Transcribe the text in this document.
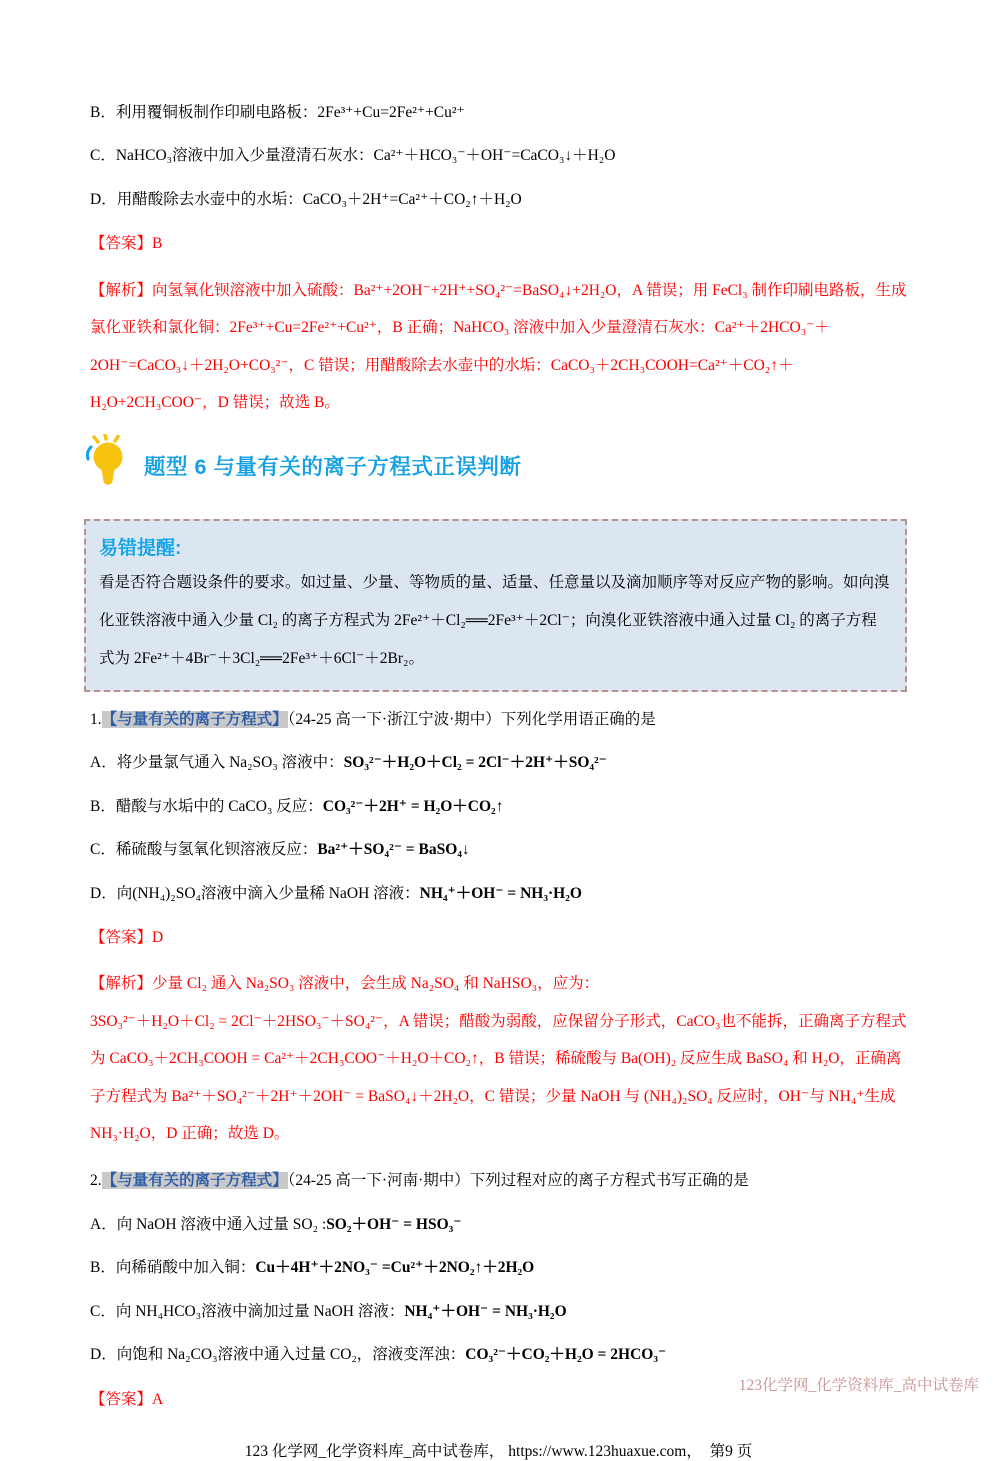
B．利用覆铜板制作印刷电路板：2Fe³⁺+Cu=2Fe²⁺+Cu²⁺

C．NaHCO₃溶液中加入少量澄清石灰水：Ca²⁺＋HCO₃⁻＋OH⁻=CaCO₃↓＋H₂O

D．用醋酸除去水壶中的水垢：CaCO₃＋2H⁺=Ca²⁺＋CO₂↑＋H₂O

【答案】B

【解析】向氢氧化钡溶液中加入硫酸：Ba²⁺+2OH⁻+2H⁺+SO₄²⁻=BaSO₄↓+2H₂O，A 错误；用 FeCl₃ 制作印刷电路板，生成氯化亚铁和氯化铜：2Fe³⁺+Cu=2Fe²⁺+Cu²⁺，B 正确；NaHCO₃ 溶液中加入少量澄清石灰水：Ca²⁺＋2HCO₃⁻＋2OH⁻=CaCO₃↓＋2H₂O+CO₃²⁻，C 错误；用醋酸除去水壶中的水垢：CaCO₃＋2CH₃COOH=Ca²⁺＋CO₂↑＋H₂O+2CH₃COO⁻，D 错误；故选 B。

题型 6 与量有关的离子方程式正误判断

易错提醒:

看是否符合题设条件的要求。如过量、少量、等物质的量、适量、任意量以及滴加顺序等对反应产物的影响。如向溴化亚铁溶液中通入少量 Cl₂ 的离子方程式为 2Fe²⁺＋Cl₂══2Fe³⁺＋2Cl⁻；向溴化亚铁溶液中通入过量 Cl₂ 的离子方程式为 2Fe²⁺＋4Br⁻＋3Cl₂══2Fe³⁺＋6Cl⁻＋2Br₂。

1.【与量有关的离子方程式】（24-25 高一下·浙江宁波·期中）下列化学用语正确的是

A．将少量氯气通入 Na₂SO₃ 溶液中：SO₃²⁻＋H₂O＋Cl₂ = 2Cl⁻＋2H⁺＋SO₄²⁻

B．醋酸与水垢中的 CaCO₃ 反应：CO₃²⁻＋2H⁺ = H₂O＋CO₂↑

C．稀硫酸与氢氧化钡溶液反应：Ba²⁺＋SO₄²⁻ = BaSO₄↓

D．向(NH₄)₂SO₄溶液中滴入少量稀 NaOH 溶液：NH₄⁺＋OH⁻ = NH₃·H₂O

【答案】D

【解析】少量 Cl₂ 通入 Na₂SO₃ 溶液中，会生成 Na₂SO₄ 和 NaHSO₃，应为：

3SO₃²⁻＋H₂O＋Cl₂ = 2Cl⁻＋2HSO₃⁻＋SO₄²⁻，A 错误；醋酸为弱酸，应保留分子形式，CaCO₃也不能拆，正确离子方程式为 CaCO₃＋2CH₃COOH = Ca²⁺＋2CH₃COO⁻＋H₂O＋CO₂↑，B 错误；稀硫酸与 Ba(OH)₂ 反应生成 BaSO₄ 和 H₂O，正确离子方程式为 Ba²⁺＋SO₄²⁻＋2H⁺＋2OH⁻ = BaSO₄↓＋2H₂O，C 错误；少量 NaOH 与 (NH₄)₂SO₄ 反应时，OH⁻与 NH₄⁺生成 NH₃·H₂O，D 正确；故选 D。

2.【与量有关的离子方程式】（24-25 高一下·河南·期中）下列过程对应的离子方程式书写正确的是

A．向 NaOH 溶液中通入过量 SO₂ :SO₂＋OH⁻ = HSO₃⁻

B．向稀硝酸中加入铜：Cu＋4H⁺＋2NO₃⁻ =Cu²⁺＋2NO₂↑＋2H₂O

C．向 NH₄HCO₃溶液中滴加过量 NaOH 溶液：NH₄⁺＋OH⁻ = NH₃·H₂O

D．向饱和 Na₂CO₃溶液中通入过量 CO₂，溶液变浑浊：CO₃²⁻＋CO₂＋H₂O = 2HCO₃⁻

【答案】A

123 化学网_化学资料库_高中试卷库， https://www.123huaxue.com，　第9 页

123化学网_化学资料库_高中试卷库
